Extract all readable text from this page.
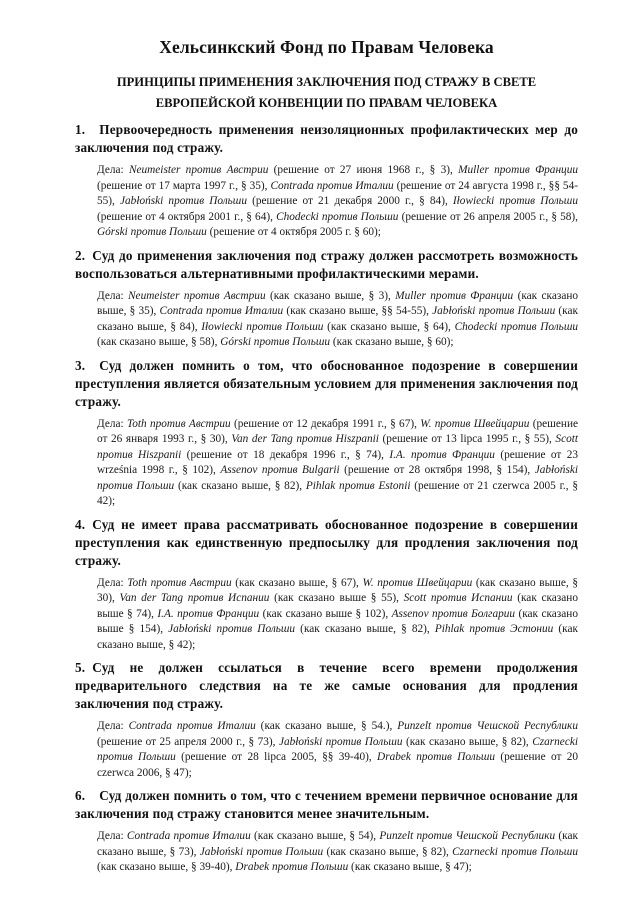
Хельсинкский Фонд по Правам Человека
ПРИНЦИПЫ ПРИМЕНЕНИЯ ЗАКЛЮЧЕНИЯ ПОД СТРАЖУ В СВЕТЕ
ЕВРОПЕЙСКОЙ КОНВЕНЦИИ ПО ПРАВАМ ЧЕЛОВЕКА
1. Первоочередность применения неизоляционных профилактических мер до заключения под стражу.
Дела: Neumeister против Австрии (решение от 27 июня 1968 г., § 3), Muller против Франции (решение от 17 марта 1997 г., § 35), Contrada против Италии (решение от 24 августа 1998 г., §§ 54-55), Jabłoński против Польши (решение от 21 декабря 2000 г., § 84), Iłowiecki против Польши (решение от 4 октября 2001 г., § 64), Chodecki против Польши (решение от 26 апреля 2005 г., § 58), Górski против Польши (решение от 4 октября 2005 г. § 60);
2. Суд до применения заключения под стражу должен рассмотреть возможность воспользоваться альтернативными профилактическими мерами.
Дела: Neumeister против Австрии (как сказано выше, § 3), Muller против Франции (как сказано выше, § 35), Contrada против Италии (как сказано выше, §§ 54-55), Jabłoński против Польши (как сказано выше, § 84), Iłowiecki против Польши (как сказано выше, § 64), Chodecki против Польши (как сказано выше, § 58), Górski против Польши (как сказано выше, § 60);
3. Суд должен помнить о том, что обоснованное подозрение в совершении преступления является обязательным условием для применения заключения под стражу.
Дела: Toth против Австрии (решение от 12 декабря 1991 г., § 67), W. против Швейцарии (решение от 26 января 1993 г., § 30), Van der Tang против Hiszpanii (решение от 13 lipca 1995 г., § 55), Scott против Hiszpanii (решение от 18 декабря 1996 г., § 74), I.A. против Франции (решение от 23 września 1998 г., § 102), Assenov против Bulgarii (решение от 28 октября 1998, § 154), Jabłoński против Польши (как сказано выше, § 82), Pihlak против Estonii (решение от 21 czerwca 2005 г., § 42);
4. Суд не имеет права рассматривать обоснованное подозрение в совершении преступления как единственную предпосылку для продления заключения под стражу.
Дела: Toth против Австрии (как сказано выше, § 67), W. против Швейцарии (как сказано выше, § 30), Van der Tang против Испании (как сказано выше § 55), Scott против Испании (как сказано выше § 74), I.A. против Франции (как сказано выше § 102), Assenov против Болгарии (как сказано выше § 154), Jabłoński против Польши (как сказано выше, § 82), Pihlak против Эстонии (как сказано выше, § 42);
5. Суд не должен ссылаться в течение всего времени продолжения предварительного следствия на те же самые основания для продления заключения под стражу.
Дела: Contrada против Италии (как сказано выше, § 54.), Punzelt против Чешской Республики (решение от 25 апреля 2000 г., § 73), Jabłoński против Польши (как сказано выше, § 82), Czarnecki против Польши (решение от 28 lipca 2005, §§ 39-40), Drabek против Польши (решение от 20 czerwca 2006, § 47);
6. Суд должен помнить о том, что с течением времени первичное основание для заключения под стражу становится менее значительным.
Дела: Contrada против Италии (как сказано выше, § 54), Punzelt против Чешской Республики (как сказано выше, § 73), Jabłoński против Польши (как сказано выше, § 82), Czarnecki против Польши (как сказано выше, § 39-40), Drabek против Польши (как сказано выше, § 47);
